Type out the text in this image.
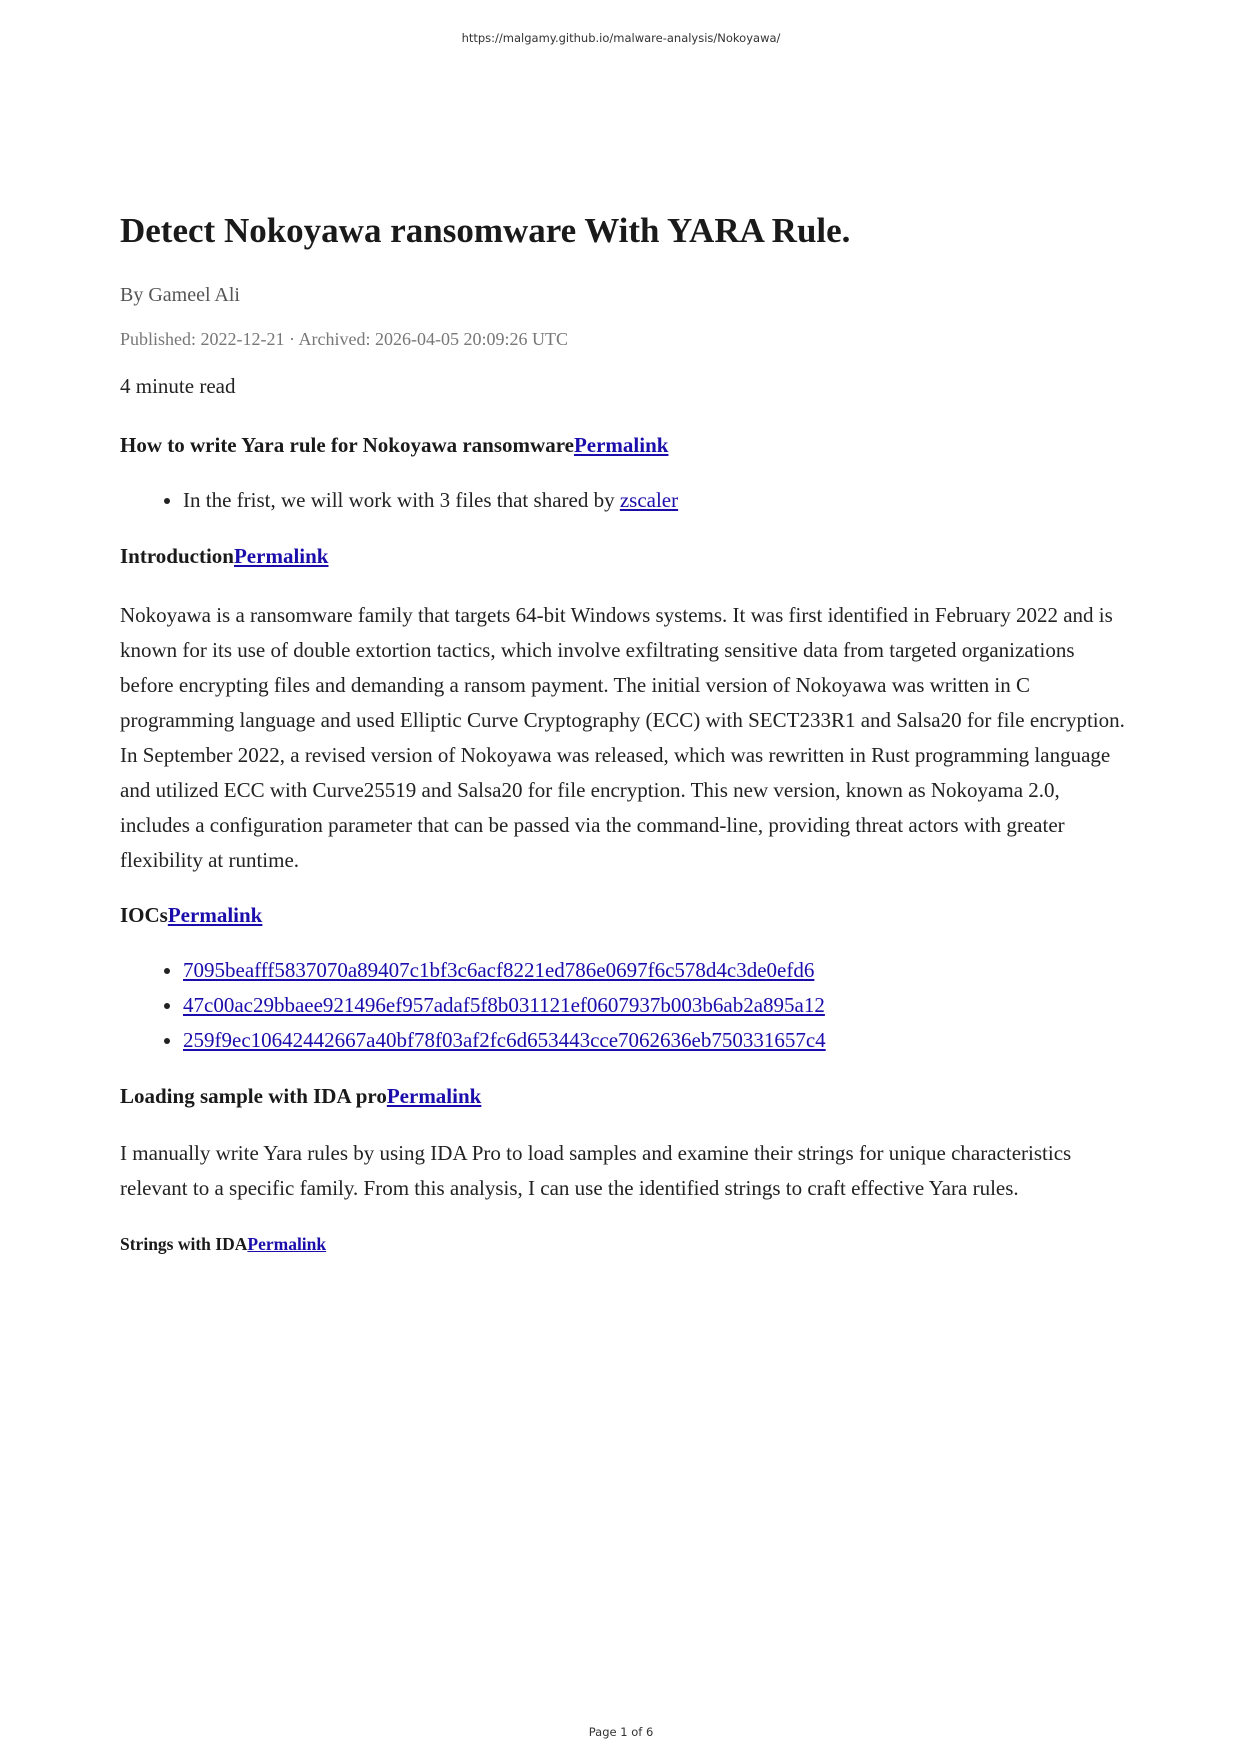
https://malgamy.github.io/malware-analysis/Nokoyawa/
Detect Nokoyawa ransomware With YARA Rule.
By Gameel Ali
Published: 2022-12-21 · Archived: 2026-04-05 20:09:26 UTC
4 minute read
How to write Yara rule for Nokoyawa ransomwarePermalink
• In the frist, we will work with 3 files that shared by zscaler
IntroductionPermalink

Nokoyawa is a ransomware family that targets 64-bit Windows systems. It was first identified in February 2022 and is known for its use of double extortion tactics, which involve exfiltrating sensitive data from targeted organizations before encrypting files and demanding a ransom payment. The initial version of Nokoyawa was written in C programming language and used Elliptic Curve Cryptography (ECC) with SECT233R1 and Salsa20 for file encryption. In September 2022, a revised version of Nokoyawa was released, which was rewritten in Rust programming language and utilized ECC with Curve25519 and Salsa20 for file encryption. This new version, known as Nokoyama 2.0, includes a configuration parameter that can be passed via the command-line, providing threat actors with greater flexibility at runtime.

IOCsPermalink
• 7095beafff5837070a89407c1bf3c6acf8221ed786e0697f6c578d4c3de0efd6
• 47c00ac29bbaee921496ef957adaf5f8b031121ef0607937b003b6ab2a895a12
• 259f9ec10642442667a40bf78f03af2fc6d653443cce7062636eb750331657c4
Loading sample with IDA proPermalink

I manually write Yara rules by using IDA Pro to load samples and examine their strings for unique characteristics relevant to a specific family. From this analysis, I can use the identified strings to craft effective Yara rules.

Strings with IDAPermalink
Page 1 of 6
